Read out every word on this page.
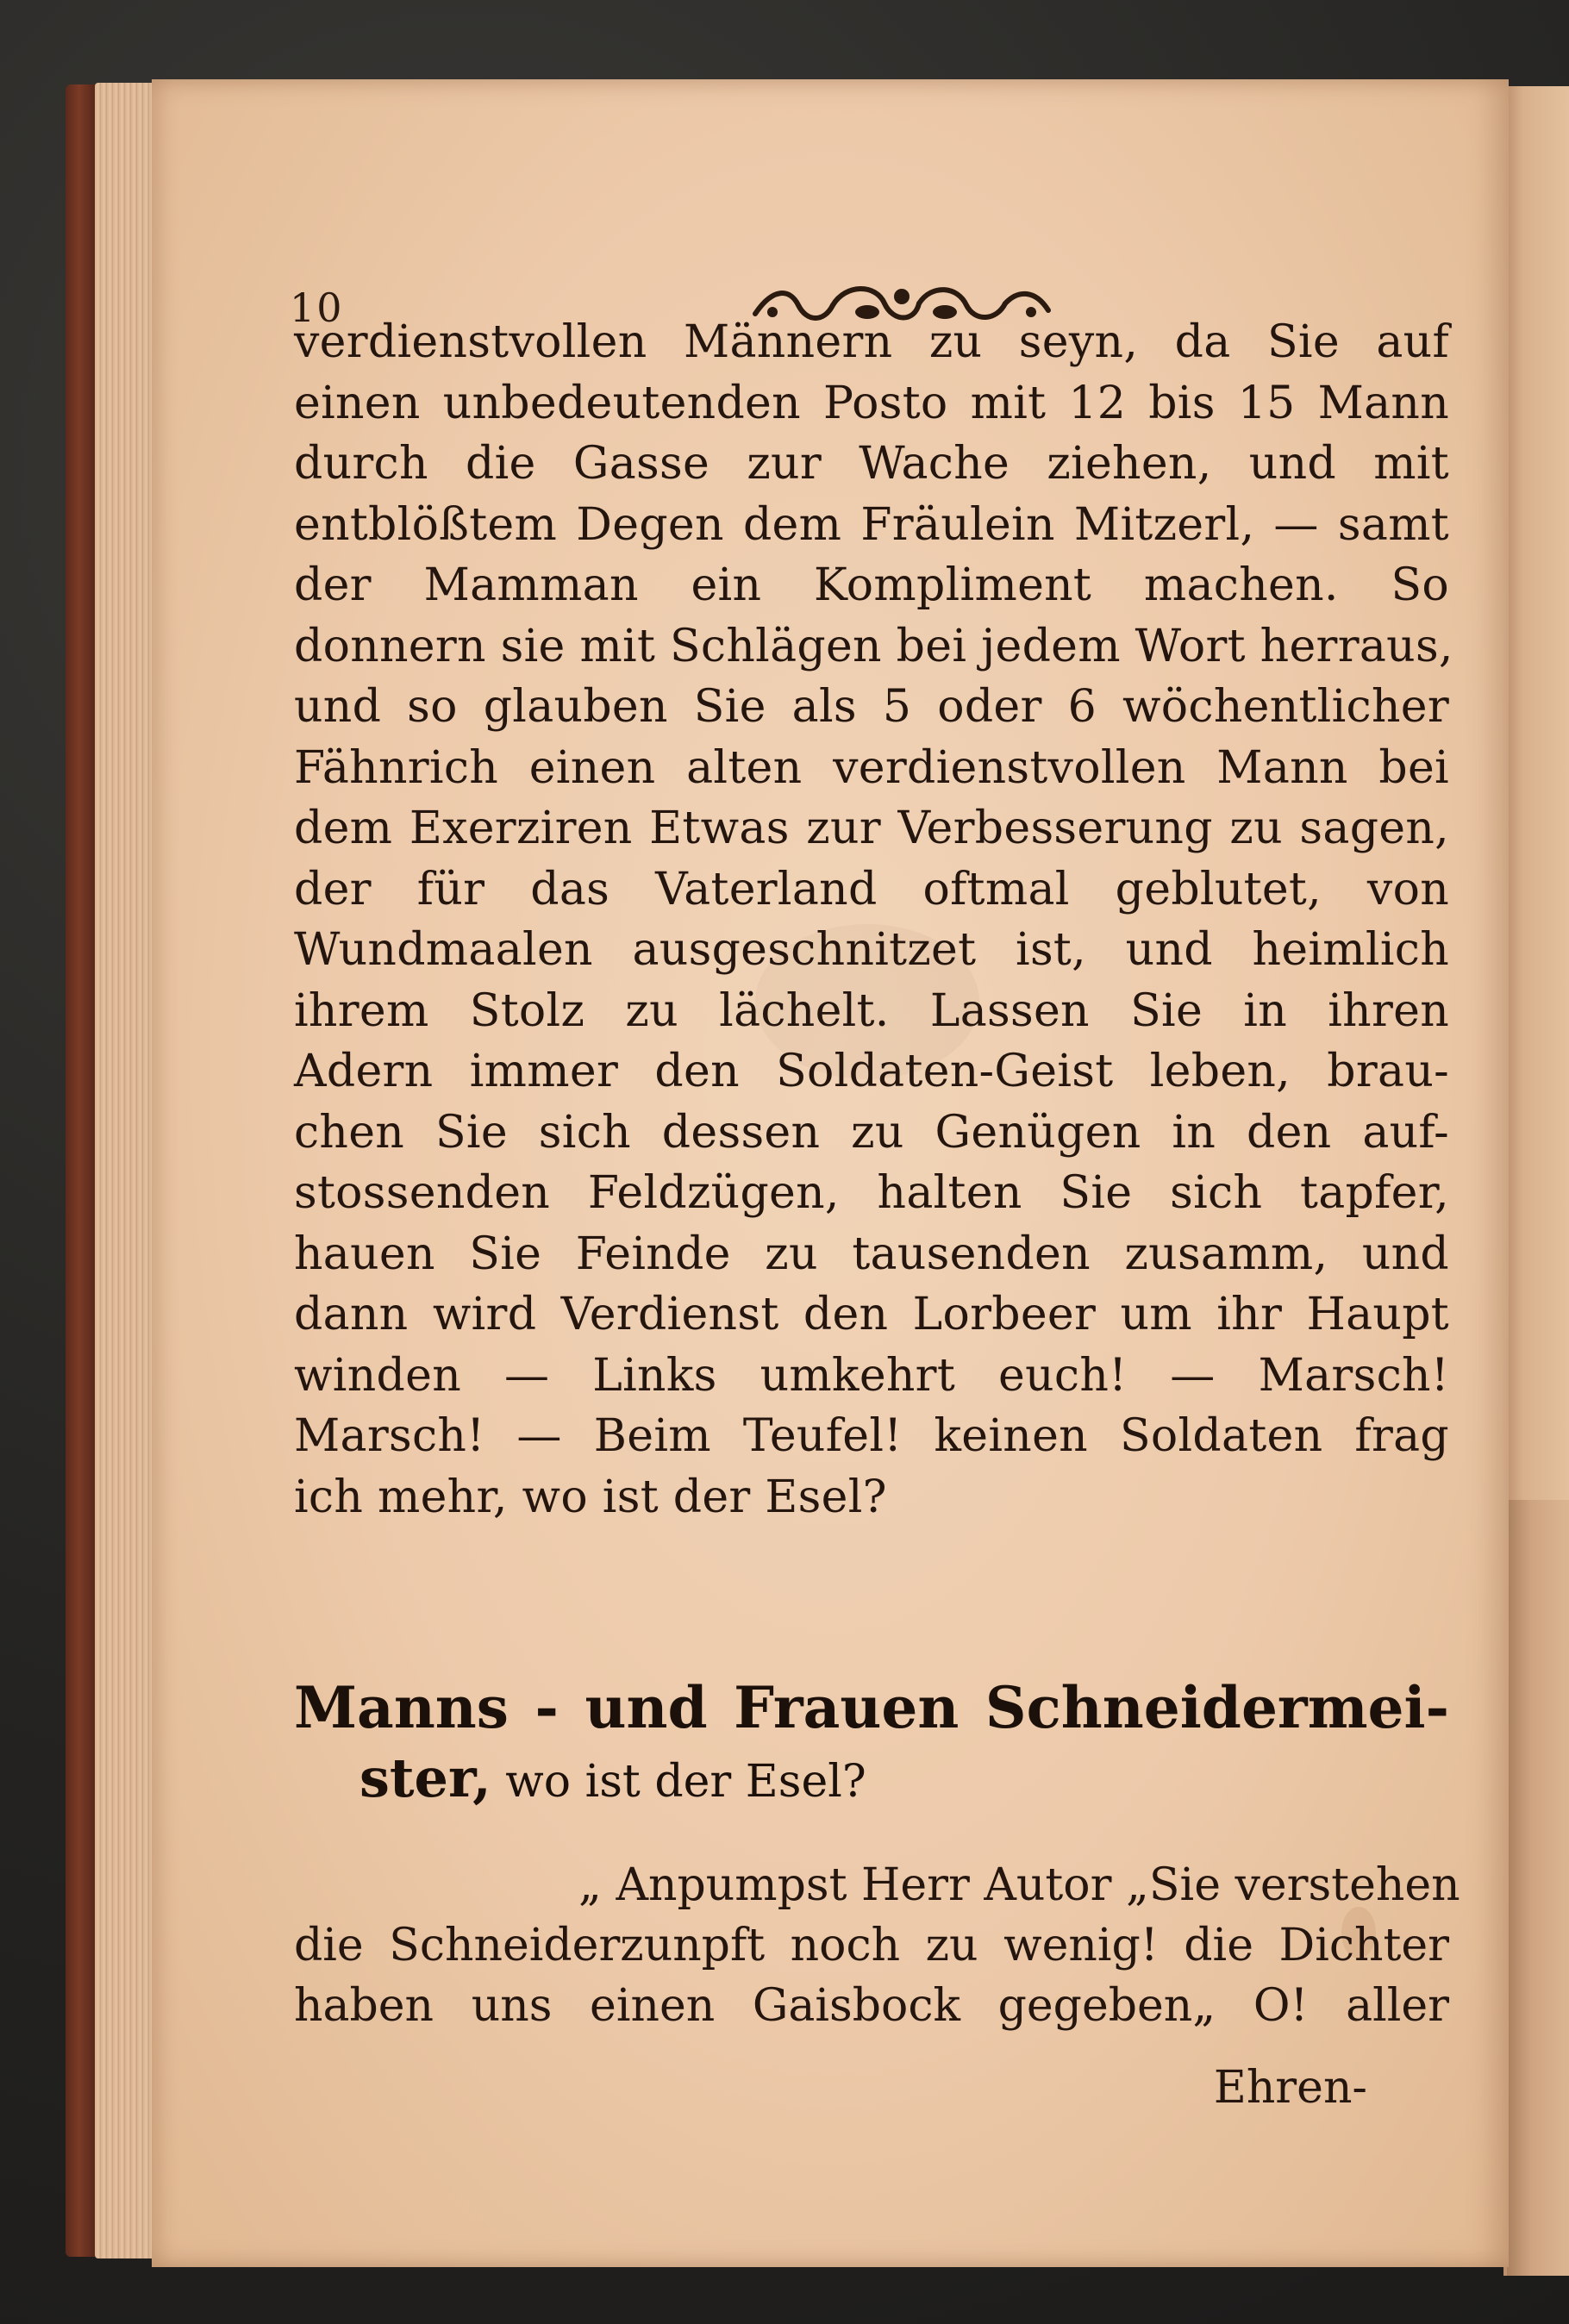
10
verdienstvollen Männern zu seyn, da Sie auf
einen unbedeutenden Posto mit 12 bis 15 Mann
durch die Gasse zur Wache ziehen, und mit
entblößtem Degen dem Fräulein Mitzerl, — samt
der Mamman ein Kompliment machen. So
donnern sie mit Schlägen bei jedem Wort herraus,
und so glauben Sie als 5 oder 6 wöchentlicher
Fähnrich einen alten verdienstvollen Mann bei
dem Exerziren Etwas zur Verbesserung zu sagen,
der für das Vaterland oftmal geblutet, von
Wundmaalen ausgeschnitzet ist, und heimlich
ihrem Stolz zu lächelt. Lassen Sie in ihren
Adern immer den Soldaten-Geist leben, brau-
chen Sie sich dessen zu Genügen in den auf-
stossenden Feldzügen, halten Sie sich tapfer,
hauen Sie Feinde zu tausenden zusamm, und
dann wird Verdienst den Lorbeer um ihr Haupt
winden — Links umkehrt euch! — Marsch!
Marsch! — Beim Teufel! keinen Soldaten frag
ich mehr, wo ist der Esel?
Manns - und Frauen Schneidermei-
ster, wo ist der Esel?
„ Anpumpst Herr Autor „Sie verstehen
die Schneiderzunpft noch zu wenig! die Dichter
haben uns einen Gaisbock gegeben„ O! aller
Ehren-
